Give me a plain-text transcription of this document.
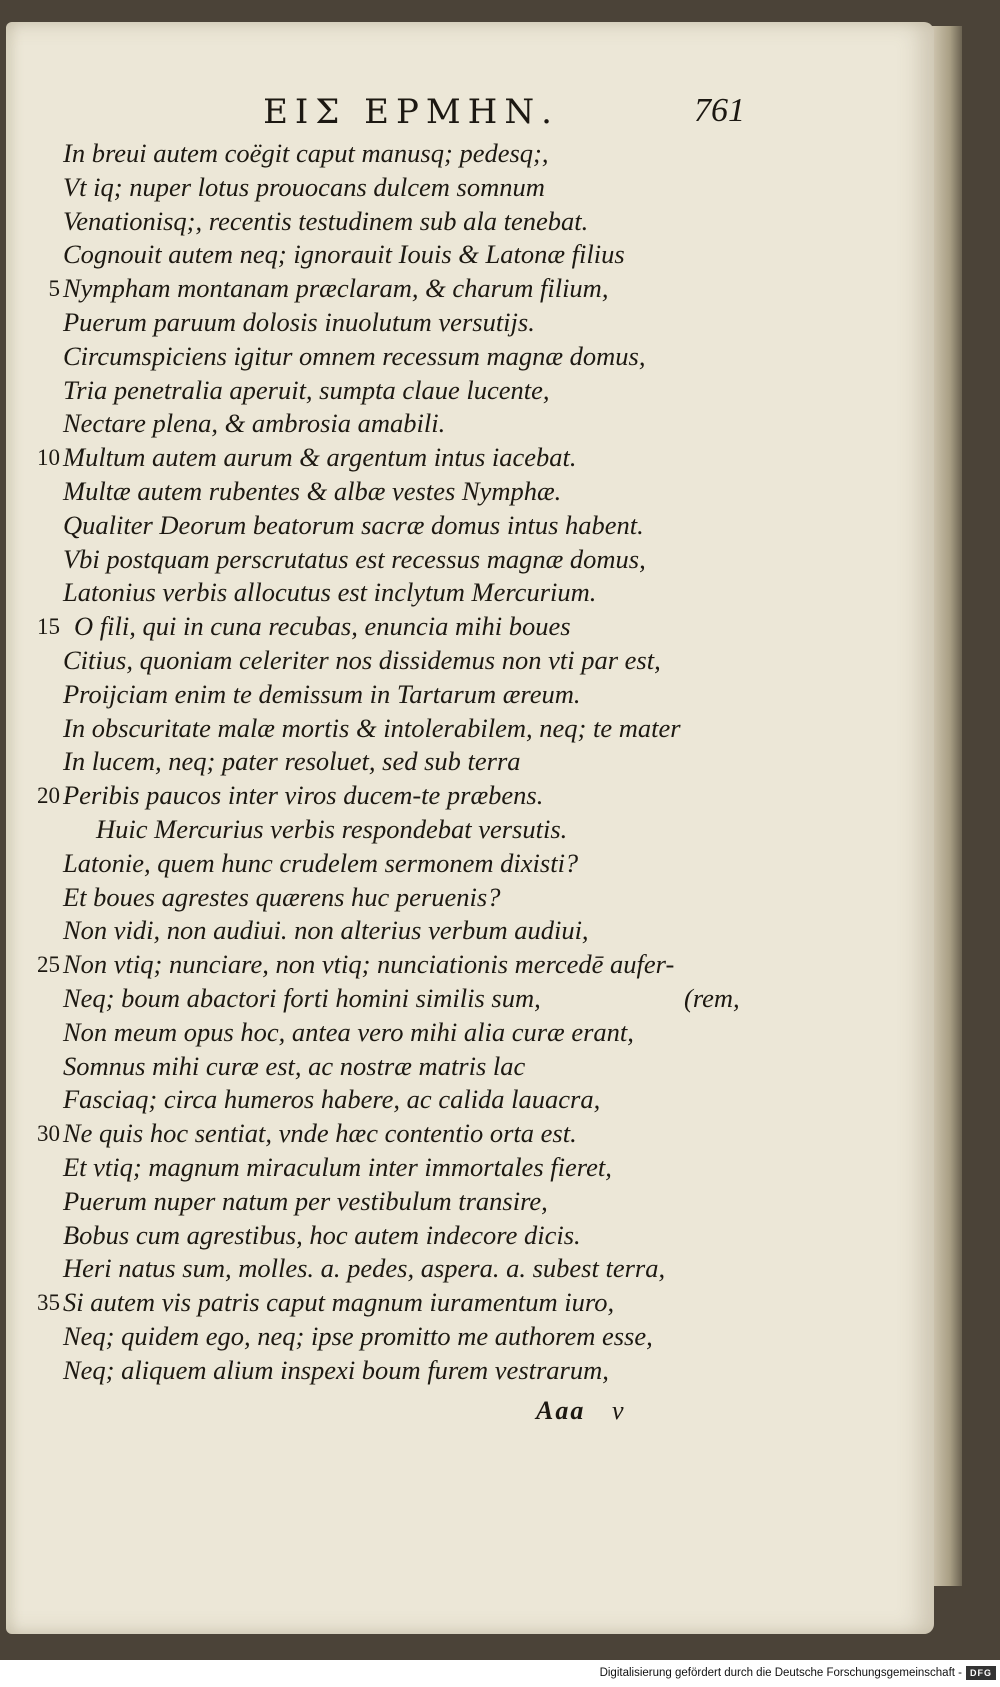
ΕΙΣ ΕΡΜΗΝ.	761
In breui autem coëgit caput manusq; pedesq;,
Vt iq; nuper lotus prouocans dulcem somnum
Venationisq;, recentis testudinem sub ala tenebat.
Cognouit autem neq; ignorauit Iouis & Latonæ filius
5 Nympham montanam præclaram, & charum filium,
Puerum paruum dolosis inuolutum versutijs.
Circumspiciens igitur omnem recessum magnæ domus,
Tria penetralia aperuit, sumpta claue lucente,
Nectare plena, & ambrosia amabili.
10 Multum autem aurum & argentum intus iacebat.
Multæ autem rubentes & albæ vestes Nymphæ.
Qualiter Deorum beatorum sacræ domus intus habent.
Vbi postquam perscrutatus est recessus magnæ domus,
Latonius verbis allocutus est inclytum Mercurium.
15 O fili, qui in cuna recubas, enuncia mihi boues
Citius, quoniam celeriter nos dissidemus non vti par est,
Proijciam enim te demissum in Tartarum æreum.
In obscuritate malæ mortis & intolerabilem, neq; te mater
In lucem, neq; pater resoluet, sed sub terra
20 Peribis paucos inter viros ducem-te præbens.
Huic Mercurius verbis respondebat versutis.
Latonie, quem hunc crudelem sermonem dixisti?
Et boues agrestes quærens huc peruenis?
Non vidi, non audiui. non alterius verbum audiui,
25 Non vtiq; nunciare, non vtiq; nunciationis mercedē aufer-
Neq; boum abactori forti homini similis sum,	(rem,
Non meum opus hoc, antea vero mihi alia curæ erant,
Somnus mihi curæ est, ac nostræ matris lac
Fasciaq; circa humeros habere, ac calida lauacra,
30 Ne quis hoc sentiat, vnde hæc contentio orta est.
Et vtiq; magnum miraculum inter immortales fieret,
Puerum nuper natum per vestibulum transire,
Bobus cum agrestibus, hoc autem indecore dicis.
Heri natus sum, molles. a. pedes, aspera. a. subest terra,
35 Si autem vis patris caput magnum iuramentum iuro,
Neq; quidem ego, neq; ipse promitto me authorem esse,
Neq; aliquem alium inspexi boum furem vestrarum,
Aaa v
Digitalisierung gefördert durch die Deutsche Forschungsgemeinschaft - DFG
